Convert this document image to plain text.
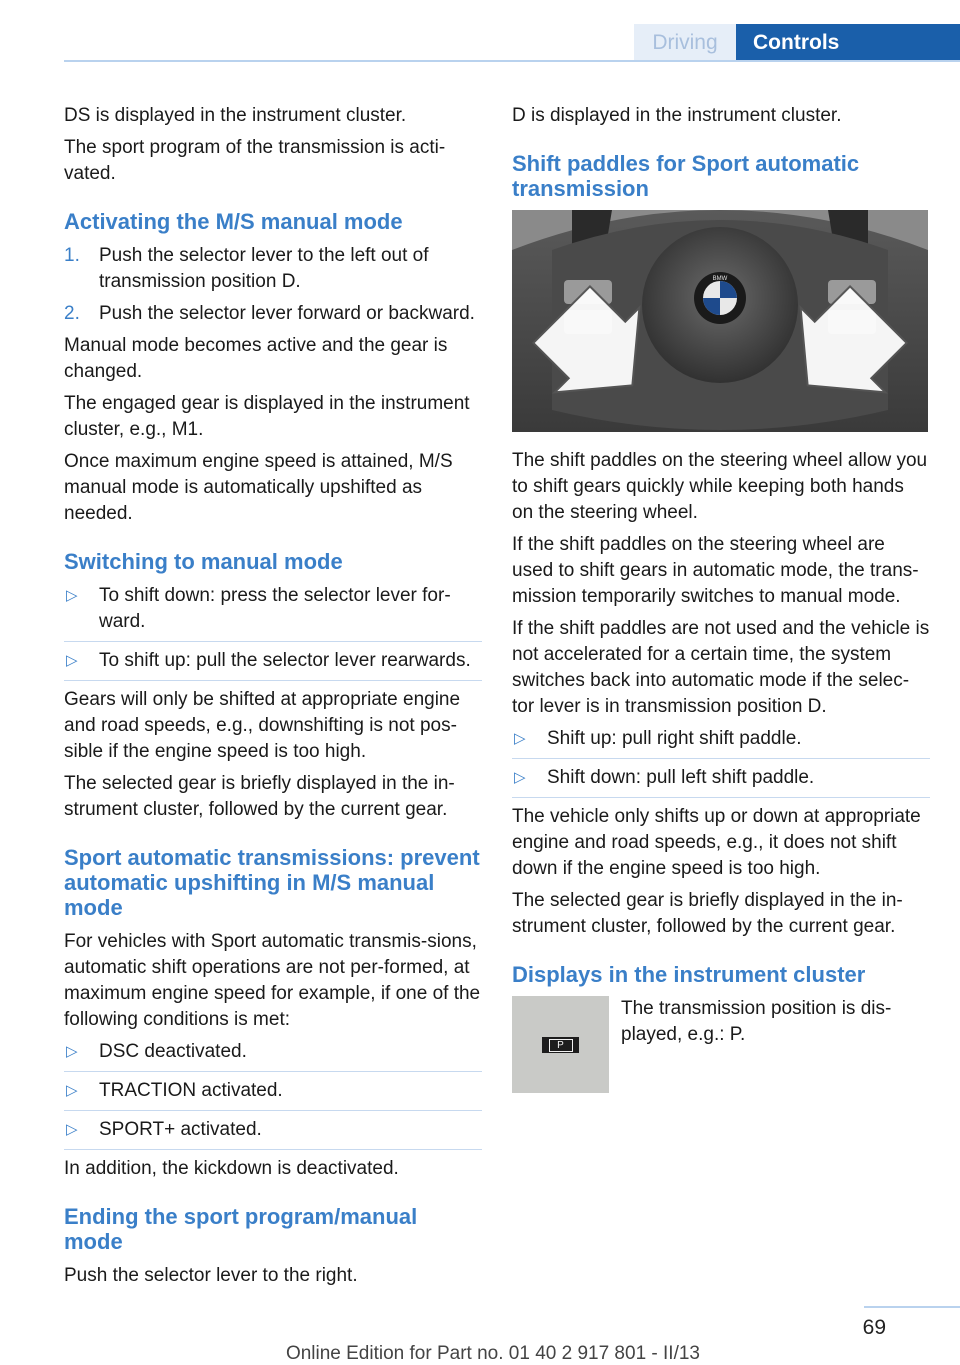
Driving	Controls

DS is displayed in the instrument cluster.

The sport program of the transmission is acti-vated.

Activating the M/S manual mode
1. Push the selector lever to the left out of transmission position D.
2. Push the selector lever forward or backward.

Manual mode becomes active and the gear is changed.

The engaged gear is displayed in the instrument cluster, e.g., M1.

Once maximum engine speed is attained, M/S manual mode is automatically upshifted as needed.

Switching to manual mode
▷ To shift down: press the selector lever for-ward.
▷ To shift up: pull the selector lever rearwards.

Gears will only be shifted at appropriate engine and road speeds, e.g., downshifting is not pos-sible if the engine speed is too high.

The selected gear is briefly displayed in the in-strument cluster, followed by the current gear.

Sport automatic transmissions: prevent automatic upshifting in M/S manual mode

For vehicles with Sport automatic transmis-sions, automatic shift operations are not per-formed, at maximum engine speed for example, if one of the following conditions is met:

▷ DSC deactivated.
▷ TRACTION activated.
▷ SPORT+ activated.

In addition, the kickdown is deactivated.

Ending the sport program/manual mode

Push the selector lever to the right.

D is displayed in the instrument cluster.

Shift paddles for Sport automatic transmission
BMW

The shift paddles on the steering wheel allow you to shift gears quickly while keeping both hands on the steering wheel.

If the shift paddles on the steering wheel are used to shift gears in automatic mode, the trans-mission temporarily switches to manual mode.

If the shift paddles are not used and the vehicle is not accelerated for a certain time, the system switches back into automatic mode if the selec-tor lever is in transmission position D.

▷ Shift up: pull right shift paddle.
▷ Shift down: pull left shift paddle.

The vehicle only shifts up or down at appropriate engine and road speeds, e.g., it does not shift down if the engine speed is too high.

The selected gear is briefly displayed in the in-strument cluster, followed by the current gear.

Displays in the instrument cluster
P
The transmission position is dis-played, e.g.: P.
69
Online Edition for Part no. 01 40 2 917 801 - II/13
